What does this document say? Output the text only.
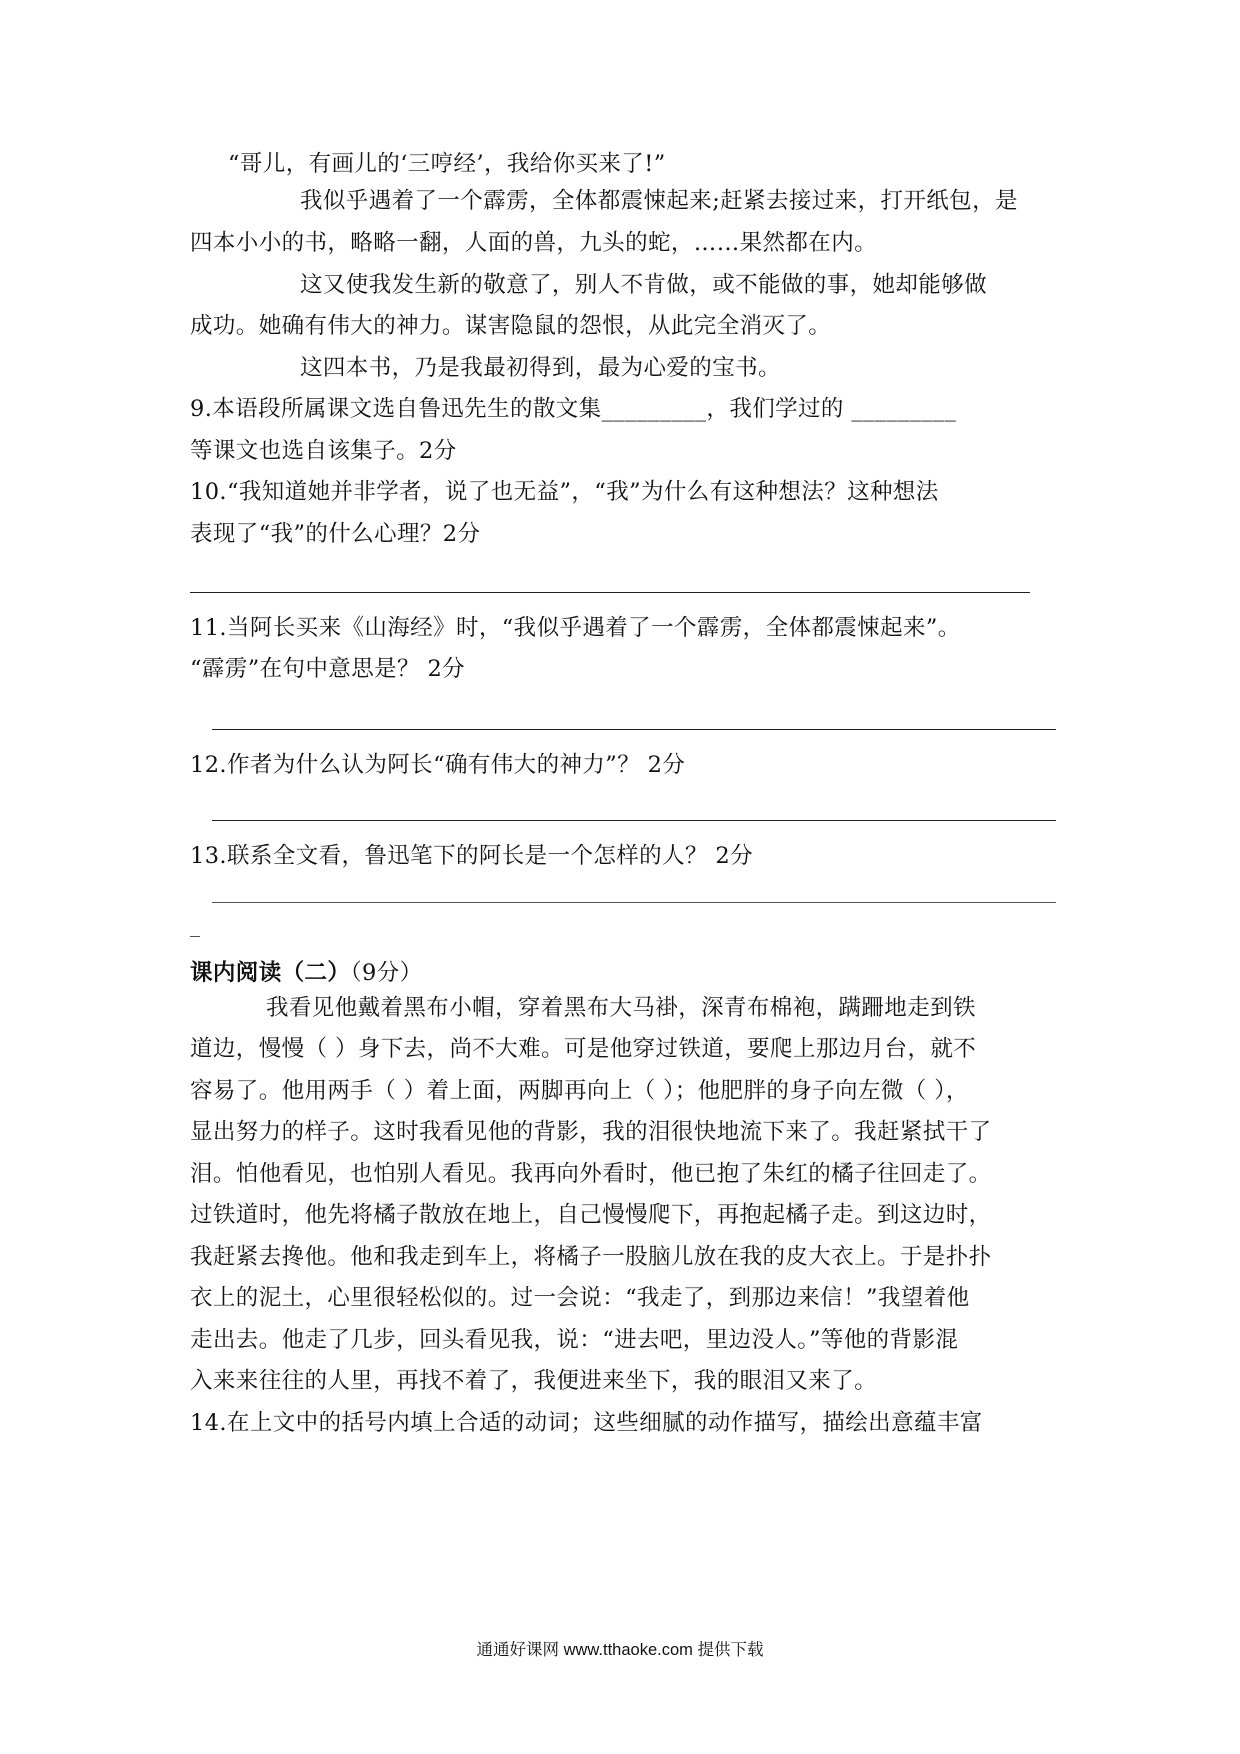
“哥儿，有画儿的‘三哼经’，我给你买来了!”
我似乎遇着了一个霹雳，全体都震悚起来;赶紧去接过来，打开纸包，是
四本小小的书，略略一翻，人面的兽，九头的蛇，……果然都在内。
这又使我发生新的敬意了，别人不肯做，或不能做的事，她却能够做
成功。她确有伟大的神力。谋害隐鼠的怨恨，从此完全消灭了。
这四本书，乃是我最初得到，最为心爱的宝书。
9.本语段所属课文选自鲁迅先生的散文集_________，我们学过的 _________
等课文也选自该集子。2分
10.“我知道她并非学者，说了也无益”，“我”为什么有这种想法？这种想法
表现了“我”的什么心理？2分
11.当阿长买来《山海经》时，“我似乎遇着了一个霹雳，全体都震悚起来”。
“霹雳”在句中意思是？ 2分
12.作者为什么认为阿长“确有伟大的神力”？ 2分
13.联系全文看，鲁迅笔下的阿长是一个怎样的人？ 2分
课内阅读（二）（9分）
我看见他戴着黑布小帽，穿着黑布大马褂，深青布棉袍，蹒跚地走到铁
道边，慢慢（ ）身下去，尚不大难。可是他穿过铁道，要爬上那边月台，就不
容易了。他用两手（ ）着上面，两脚再向上（ ）；他肥胖的身子向左微（ ），
显出努力的样子。这时我看见他的背影，我的泪很快地流下来了。我赶紧拭干了
泪。怕他看见，也怕别人看见。我再向外看时，他已抱了朱红的橘子往回走了。
过铁道时，他先将橘子散放在地上，自己慢慢爬下，再抱起橘子走。到这边时，
我赶紧去搀他。他和我走到车上，将橘子一股脑儿放在我的皮大衣上。于是扑扑
衣上的泥土，心里很轻松似的。过一会说：“我走了，到那边来信！”我望着他
走出去。他走了几步，回头看见我，说：“进去吧，里边没人。”等他的背影混
入来来往往的人里，再找不着了，我便进来坐下，我的眼泪又来了。
14.在上文中的括号内填上合适的动词；这些细腻的动作描写，描绘出意蕴丰富
通通好课网 www.tthaoke.com 提供下载
